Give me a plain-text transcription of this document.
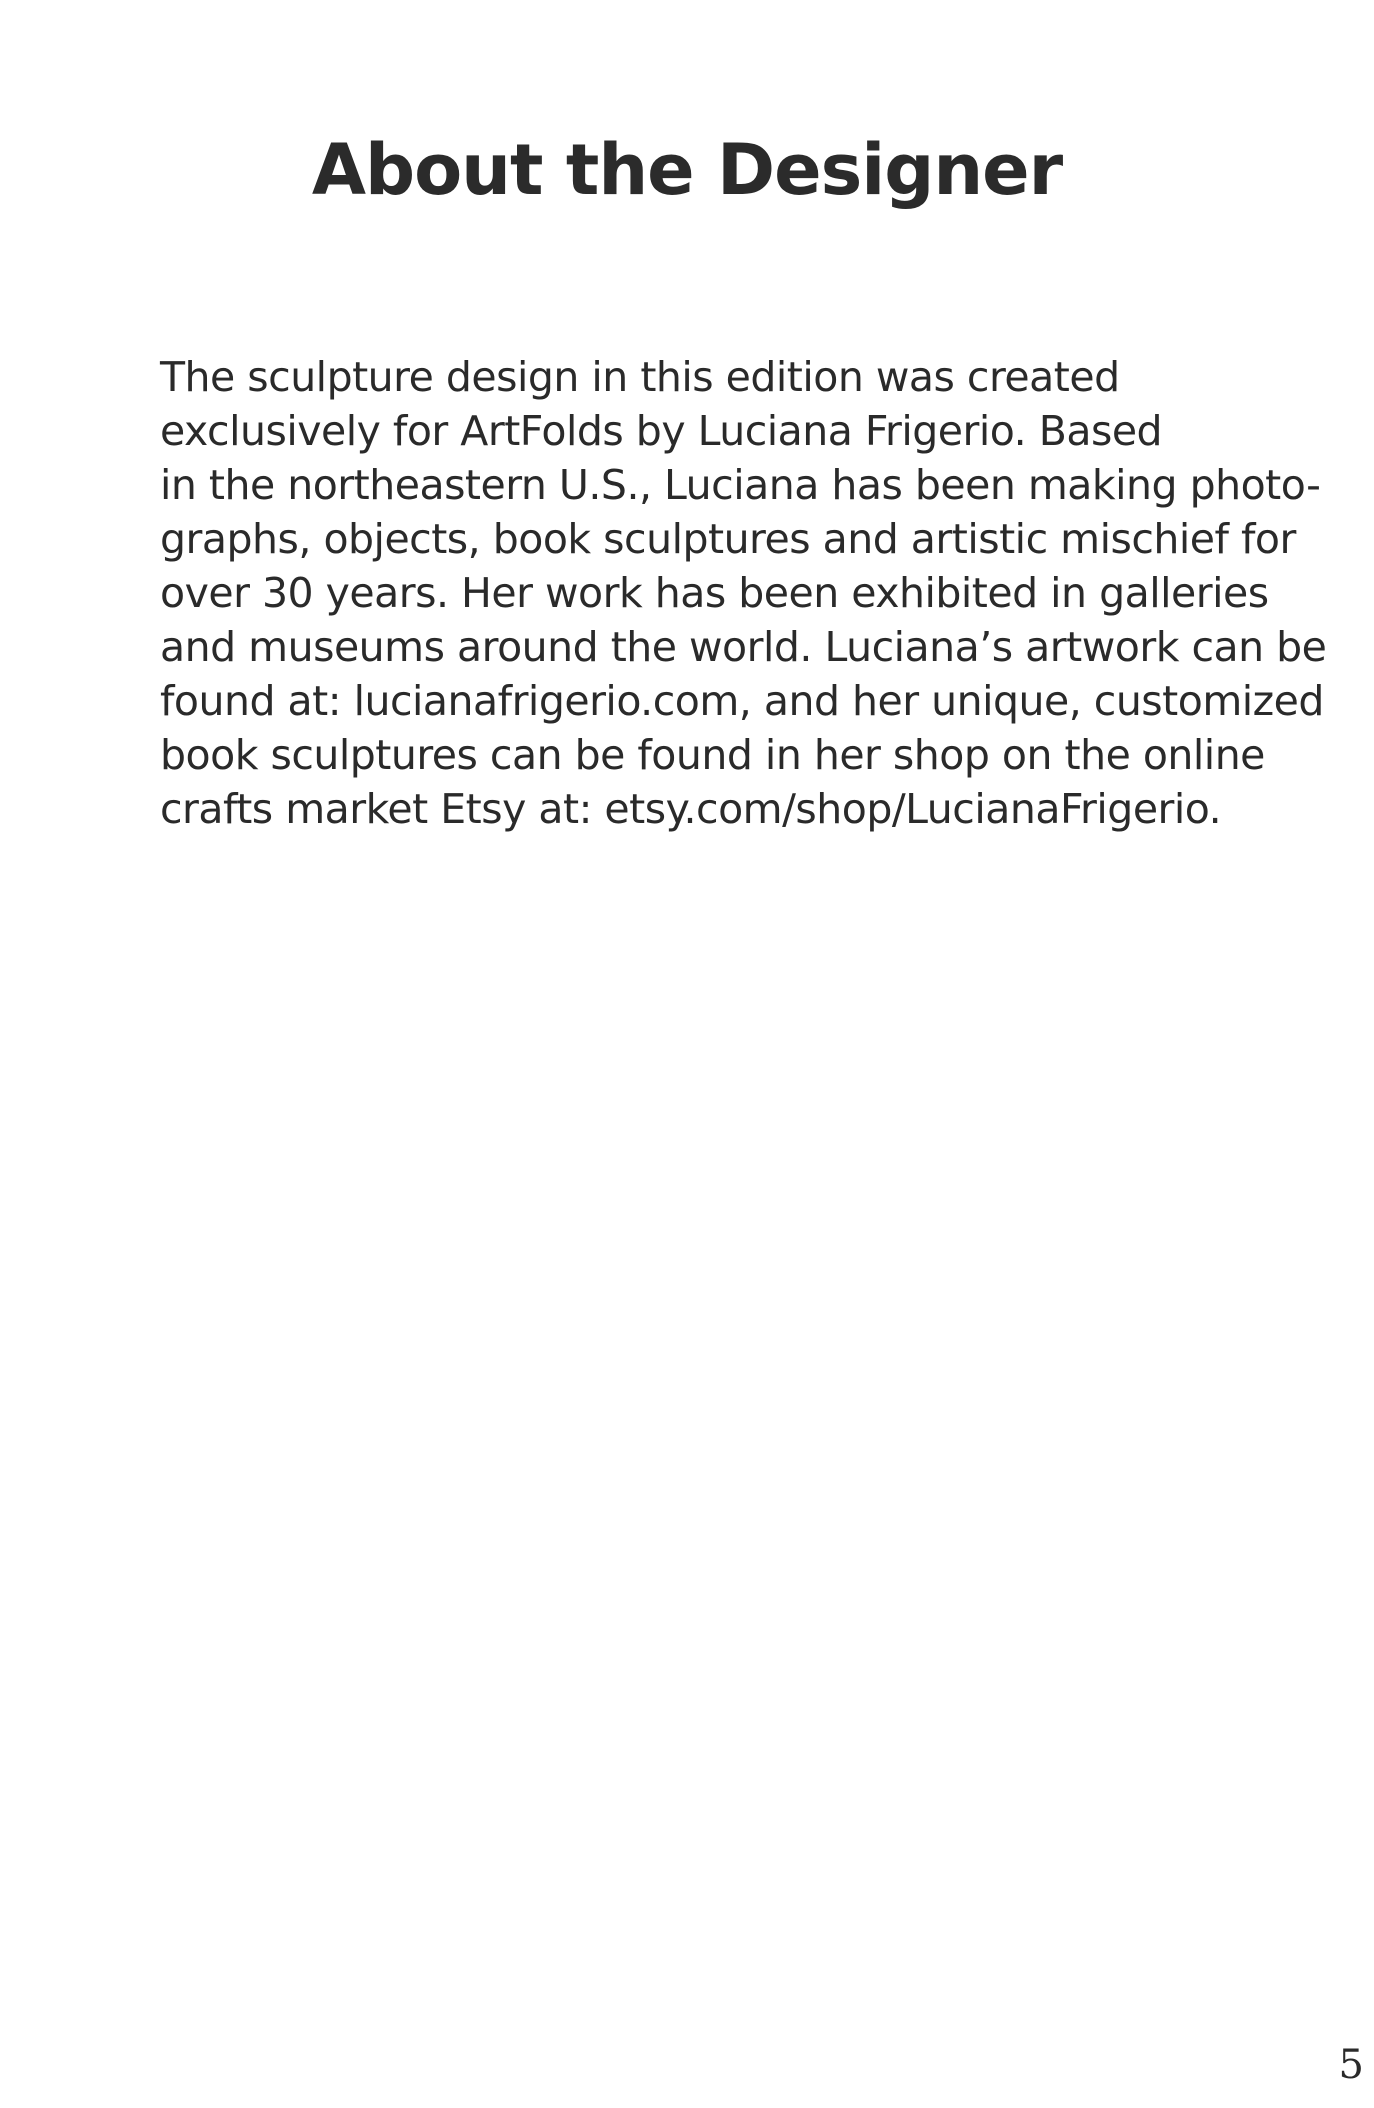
About the Designer
The sculpture design in this edition was created
exclusively for ArtFolds by Luciana Frigerio. Based
in the northeastern U.S., Luciana has been making photo-
graphs, objects, book sculptures and artistic mischief for
over 30 years. Her work has been exhibited in galleries
and museums around the world. Luciana’s artwork can be
found at: lucianafrigerio.com, and her unique, customized
book sculptures can be found in her shop on the online
crafts market Etsy at: etsy.com/shop/LucianaFrigerio.
5
